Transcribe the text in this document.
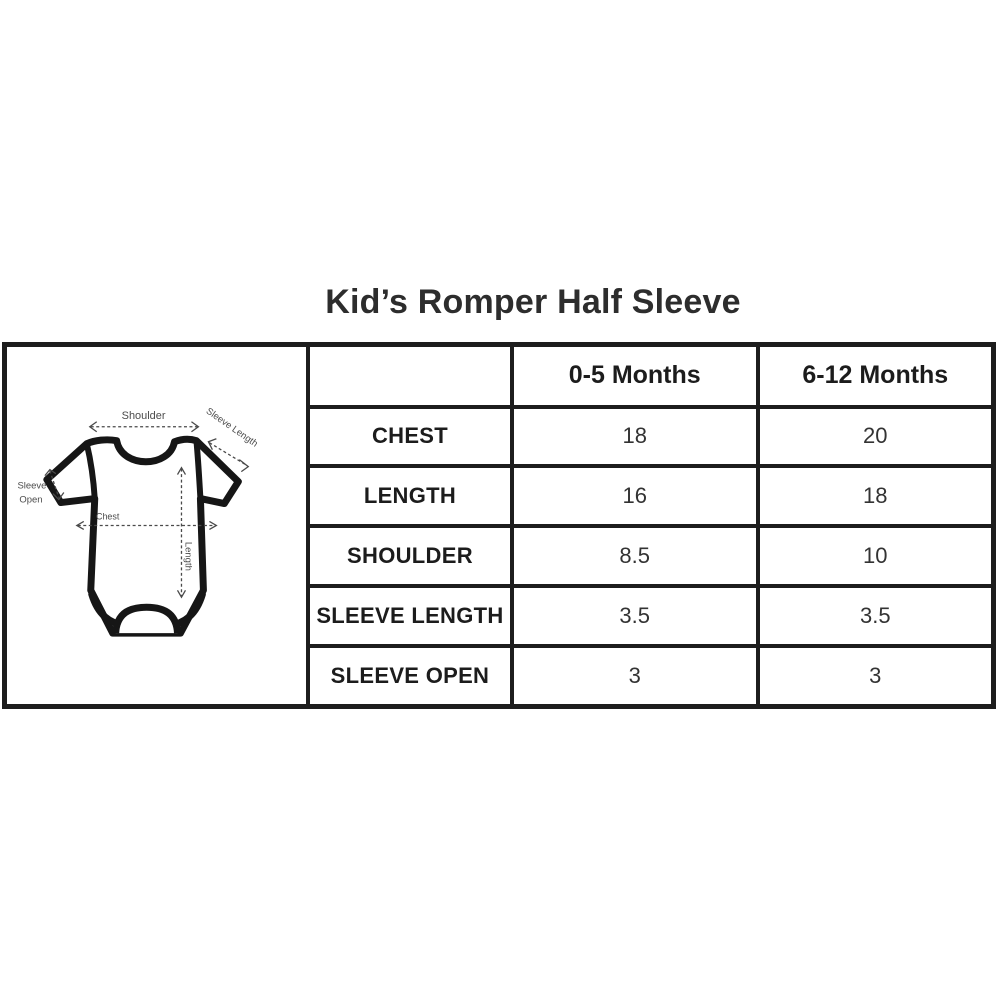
Kid’s Romper Half Sleeve
Shoulder	Sleeve Length
Sleeve
Open
Chest
Length
		0-5 Months	6-12 Months
	CHEST	18	20
	LENGTH	16	18
	SHOULDER	8.5	10
	SLEEVE LENGTH	3.5	3.5
	SLEEVE OPEN	3	3
